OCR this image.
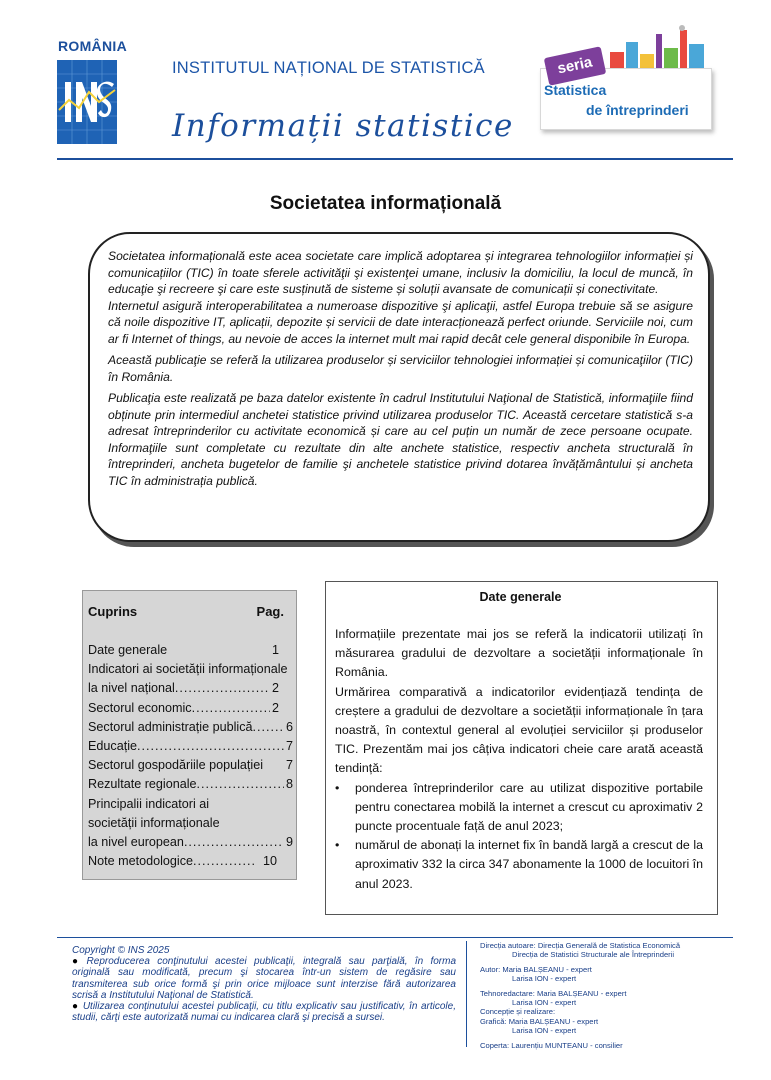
ROMÂNIA
INSTITUTUL NAȚIONAL DE STATISTICĂ
Informații statistice
seria
Statistica
de întreprinderi
Societatea informațională

Societatea informațională este acea societate care implică adoptarea și integrarea tehnologiilor informației și comunicațiilor (TIC) în toate sferele activităţii şi existenţei umane, inclusiv la domiciliu, la locul de muncă, în educaţie şi recreere şi care este susținută de sisteme și soluții avansate de comunicații și conectivitate.

Internetul asigură interoperabilitatea a numeroase dispozitive şi aplicaţii, astfel Europa trebuie să se asigure că noile dispozitive IT, aplicații, depozite și servicii de date interacționează perfect oriunde. Serviciile noi, cum ar fi Internet of things, au nevoie de acces la internet mult mai rapid decât cele general disponibile în Europa.

Această publicaţie se referă la utilizarea produselor și serviciilor tehnologiei informației și comunicaţiilor (TIC) în România.

Publicaţia este realizată pe baza datelor existente în cadrul Institutului Naţional de Statistică, informaţiile fiind obținute prin intermediul anchetei statistice privind utilizarea produselor TIC. Această cercetare statistică s-a adresat întreprinderilor cu activitate economică și care au cel puțin un număr de zece persoane ocupate. Informaţiile sunt completate cu rezultate din alte anchete statistice, respectiv ancheta structurală în întreprinderi, ancheta bugetelor de familie şi anchetele statistice privind dotarea învățământului și ancheta TIC în administrația publică.

Cuprins	Pag.
Date generale	1
Indicatori ai societății informaționale
la nivel național .....	2
Sectorul economic .....	2
Sectorul administrație publică .....	6
Educație .....	7
Sectorul gospodăriile populației 7
Rezultate regionale .....	8
Principalii indicatori ai
societății informaționale
la nivel european .....	9
Note metodologice .....	10
Date generale

Informațiile prezentate mai jos se referă la indicatorii utilizați în măsurarea gradului de dezvoltare a societății informaționale în România.

Urmărirea comparativă a indicatorilor evidențiază tendința de creștere a gradului de dezvoltare a societății informaționale în țara noastră, în contextul general al evoluției serviciilor și produselor TIC. Prezentăm mai jos câțiva indicatori cheie care arată această tendință:

• ponderea întreprinderilor care au utilizat dispozitive portabile pentru conectarea mobilă la internet a crescut cu aproximativ 2 puncte procentuale față de anul 2023;
• numărul de abonați la internet fix în bandă largă a crescut de la aproximativ 332 la circa 347 abonamente la 1000 de locuitori în anul 2023.

Copyright © INS 2025

● Reproducerea conţinutului acestei publicaţii, integrală sau parţială, în forma originală sau modificată, precum şi stocarea într-un sistem de regăsire sau transmiterea sub orice formă şi prin orice mijloace sunt interzise fără autorizarea scrisă a Institutului Naţional de Statistică.

● Utilizarea conţinutului acestei publicaţii, cu titlu explicativ sau justificativ, în articole, studii, cărţi este autorizată numai cu indicarea clară şi precisă a sursei.

Direcția autoare: Direcția Generală de Statistica Economică
Direcția de Statistici Structurale ale Întreprinderii
Autor: Maria BALȘEANU - expert
Larisa ION - expert
Tehnoredactare: Maria BALȘEANU - expert
Larisa ION - expert
Concepție și realizare:
Grafică: Maria BALȘEANU - expert
Larisa ION - expert
Coperta: Laurențiu MUNTEANU - consilier
